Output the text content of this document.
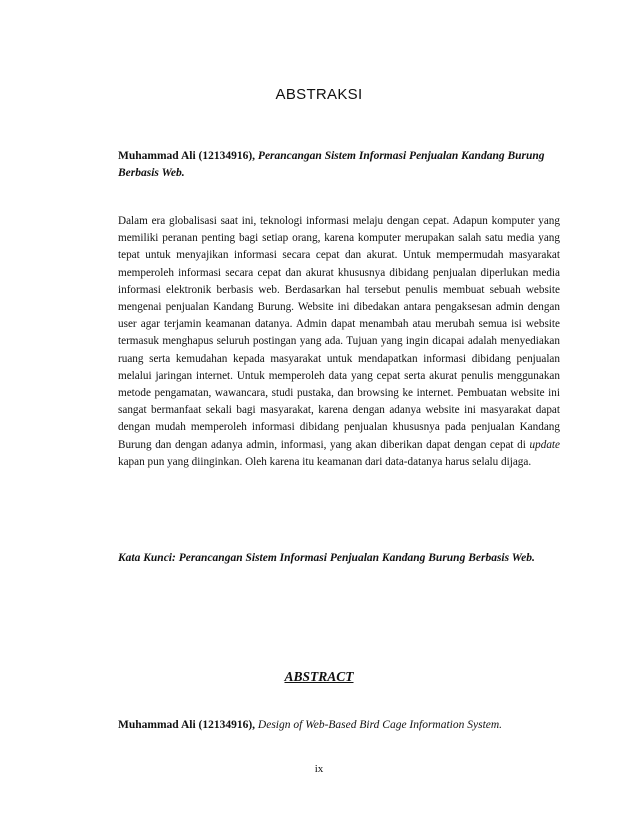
ABSTRAKSI
Muhammad Ali (12134916), Perancangan Sistem Informasi Penjualan Kandang Burung Berbasis Web.
Dalam era globalisasi saat ini, teknologi informasi melaju dengan cepat. Adapun komputer yang memiliki peranan penting bagi setiap orang, karena komputer merupakan salah satu media yang tepat untuk menyajikan informasi secara cepat dan akurat. Untuk mempermudah masyarakat memperoleh informasi secara cepat dan akurat khususnya dibidang penjualan diperlukan media informasi elektronik berbasis web. Berdasarkan hal tersebut penulis membuat sebuah website mengenai penjualan Kandang Burung. Website ini dibedakan antara pengaksesan admin dengan user agar terjamin keamanan datanya. Admin dapat menambah atau merubah semua isi website termasuk menghapus seluruh postingan yang ada. Tujuan yang ingin dicapai adalah menyediakan ruang serta kemudahan kepada masyarakat untuk mendapatkan informasi dibidang penjualan melalui jaringan internet. Untuk memperoleh data yang cepat serta akurat penulis menggunakan metode pengamatan, wawancara, studi pustaka, dan browsing ke internet. Pembuatan website ini sangat bermanfaat sekali bagi masyarakat, karena dengan adanya website ini masyarakat dapat dengan mudah memperoleh informasi dibidang penjualan khususnya pada penjualan Kandang Burung dan dengan adanya admin, informasi, yang akan diberikan dapat dengan cepat di update kapan pun yang diinginkan. Oleh karena itu keamanan dari data-datanya harus selalu dijaga.
Kata Kunci: Perancangan Sistem Informasi Penjualan Kandang Burung Berbasis Web.
ABSTRACT
Muhammad Ali (12134916), Design of Web-Based Bird Cage Information System.
ix
